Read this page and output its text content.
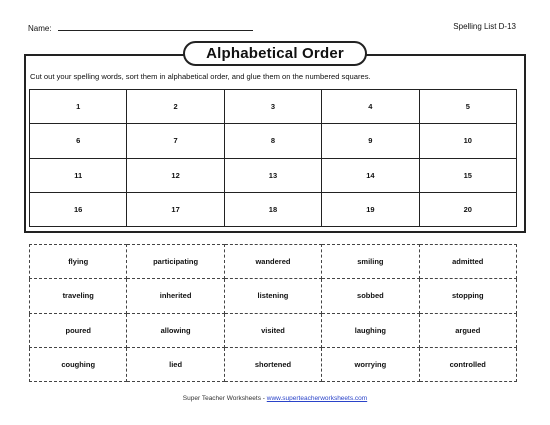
Name:	Spelling List D-13
Alphabetical Order
Cut out your spelling words, sort them in alphabetical order, and glue them on the numbered squares.
1	2	3	4	5
6	7	8	9	10
11	12	13	14	15
16	17	18	19	20
flying	participating	wandered	smiling	admitted
traveling	inherited	listening	sobbed	stopping
poured	allowing	visited	laughing	argued
coughing	lied	shortened	worrying	controlled
Super Teacher Worksheets - www.superteacherworksheets.com
